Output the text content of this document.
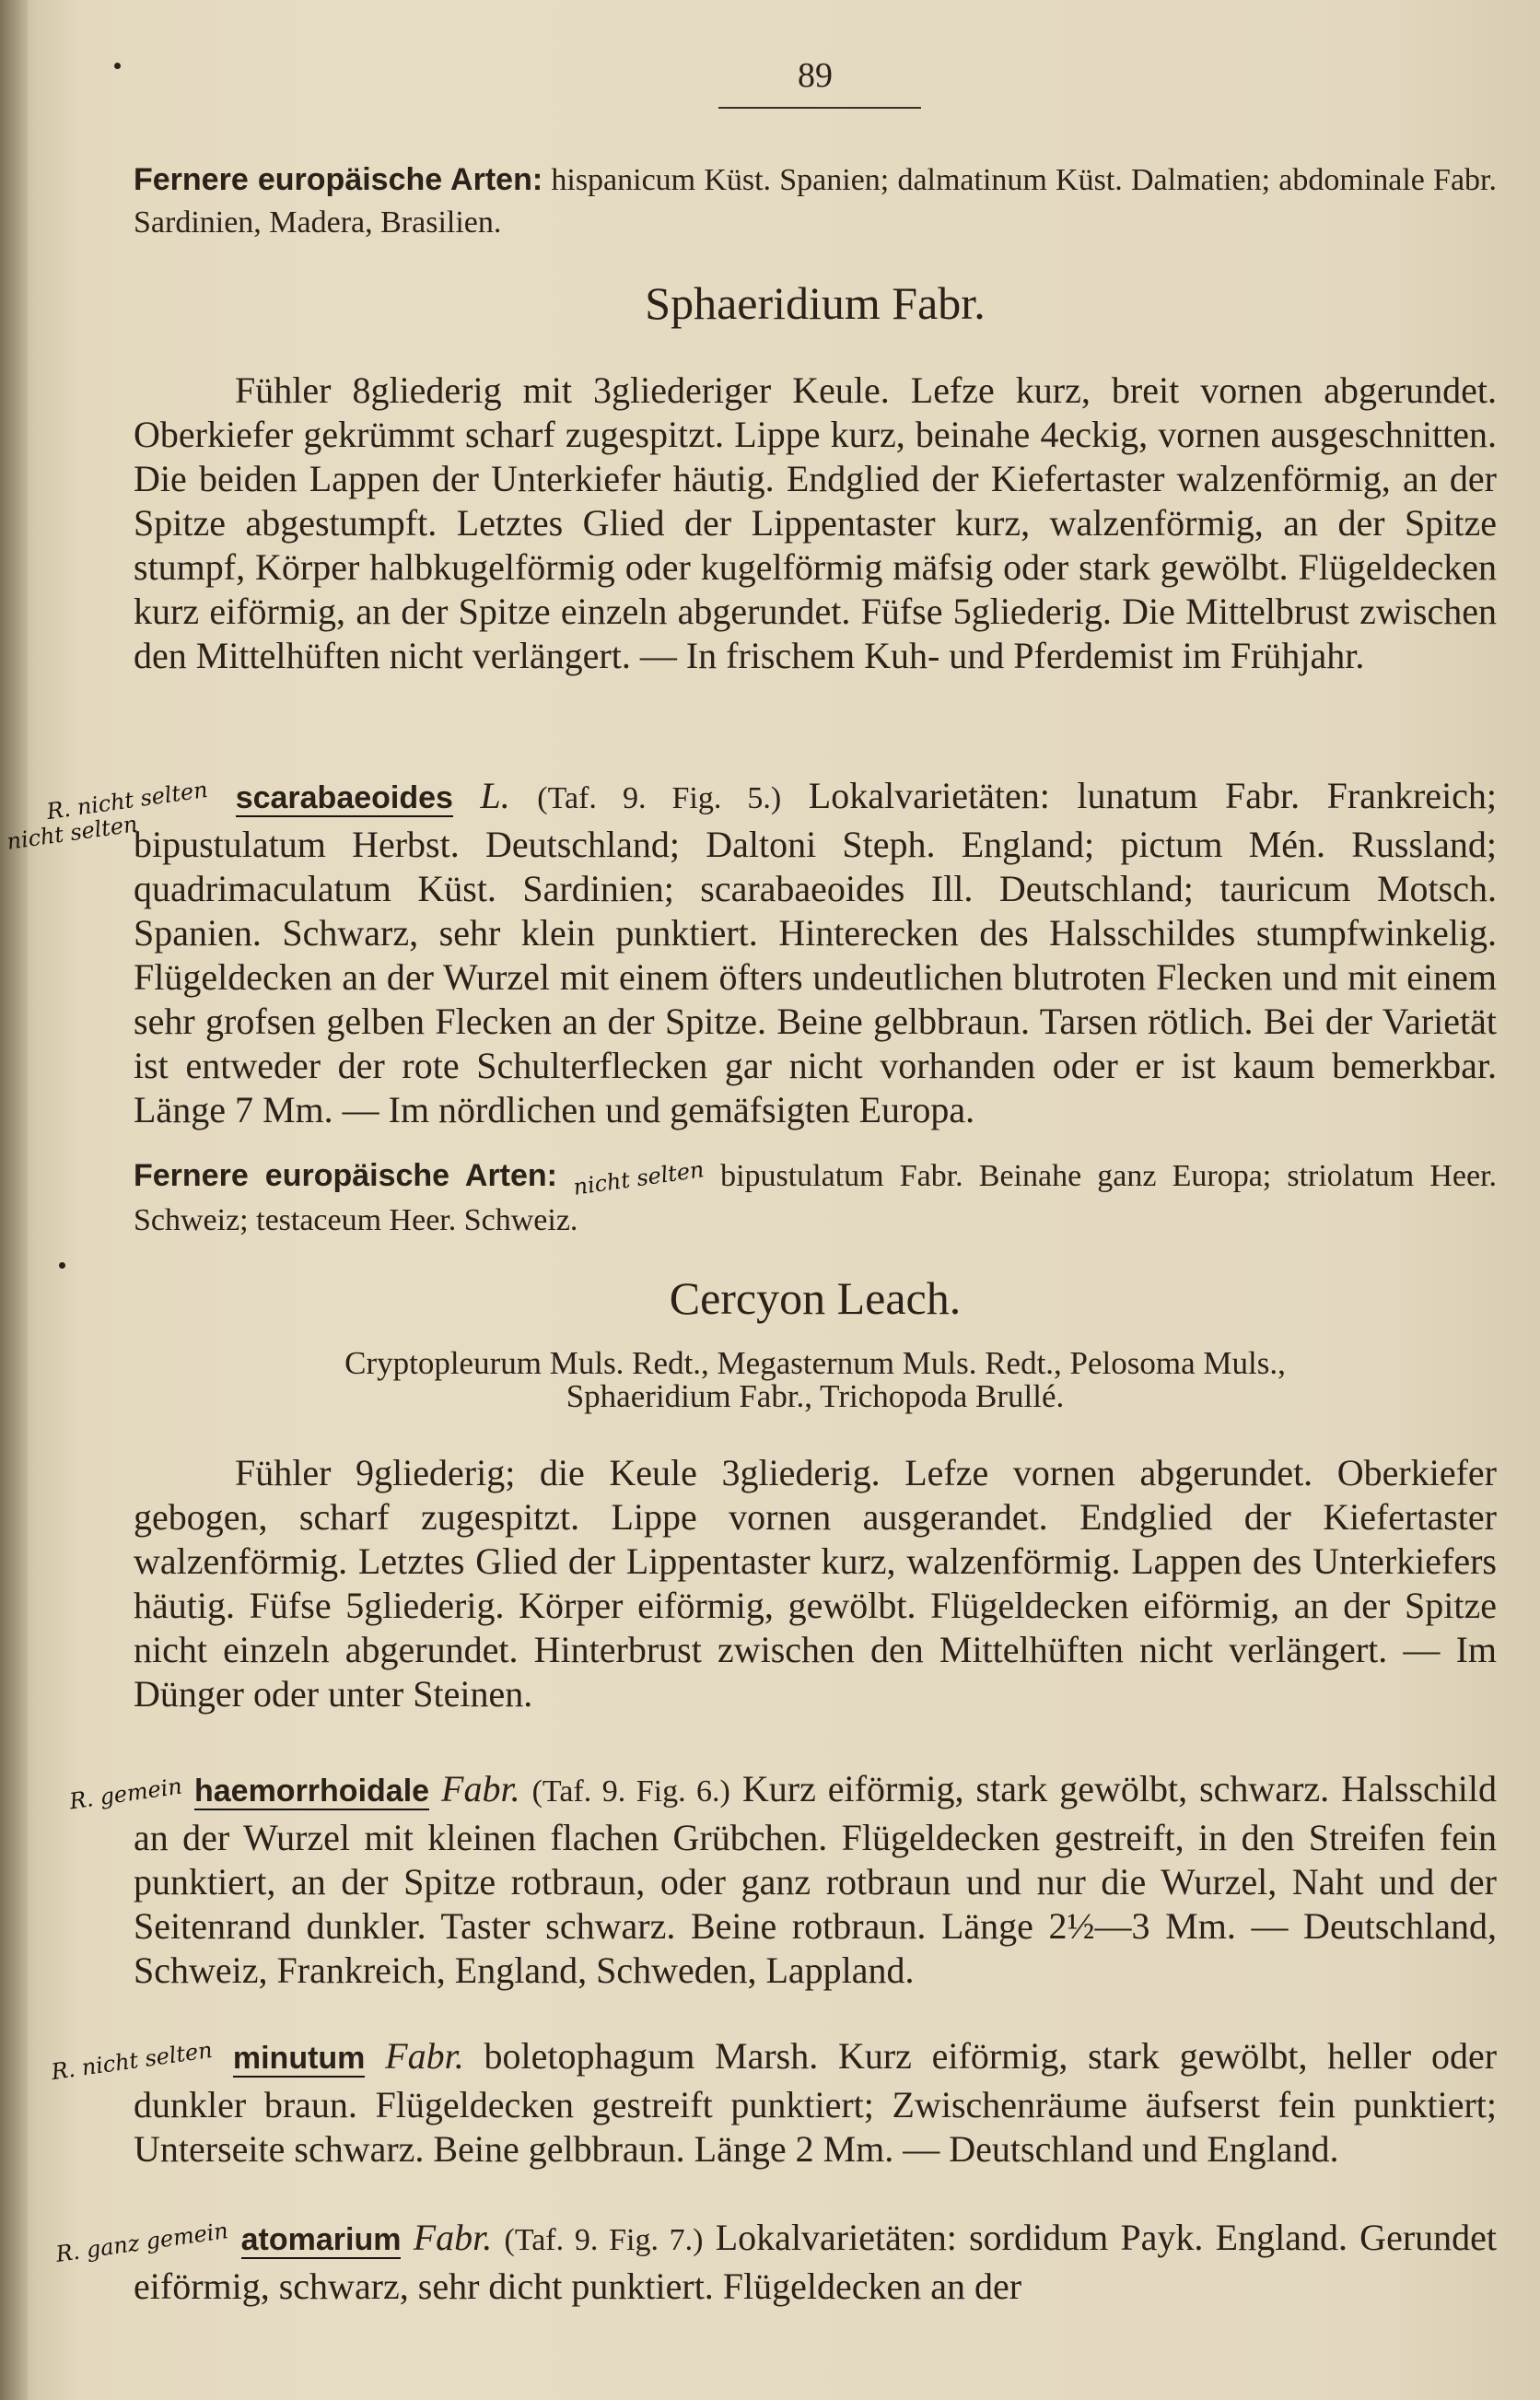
89
Fernere europäische Arten: hispanicum Küst. Spanien; dalmatinum Küst. Dalmatien; abdominale Fabr. Sardinien, Madera, Brasilien.
Sphaeridium Fabr.
Fühler 8gliederig mit 3gliederiger Keule. Lefze kurz, breit vornen abgerundet. Oberkiefer gekrümmt scharf zugespitzt. Lippe kurz, beinahe 4eckig, vornen ausgeschnitten. Die beiden Lappen der Unterkiefer häutig. Endglied der Kiefertaster walzenförmig, an der Spitze abgestumpft. Letztes Glied der Lippentaster kurz, walzenförmig, an der Spitze stumpf, Körper halbkugelförmig oder kugelförmig mäfsig oder stark gewölbt. Flügeldecken kurz eiförmig, an der Spitze einzeln abgerundet. Füfse 5gliederig. Die Mittelbrust zwischen den Mittelhüften nicht verlängert. — In frischem Kuh- und Pferdemist im Frühjahr.
R. nicht selten scarabaeoides L. (Taf. 9. Fig. 5.) Lokalvarietäten: lunatum Fabr. Frankreich; bipustulatum Herbst. Deutschland; Daltoni Steph. England; pictum Mén. Russland; quadrimaculatum Küst. Sardinien; scarabaeoides Ill. Deutschland; tauricum Motsch. Spanien. Schwarz, sehr klein punktiert. Hinterecken des Halsschildes stumpfwinkelig. Flügeldecken an der Wurzel mit einem öfters undeutlichen blutroten Flecken und mit einem sehr grofsen gelben Flecken an der Spitze. Beine gelbbraun. Tarsen rötlich. Bei der Varietät ist entweder der rote Schulterflecken gar nicht vorhanden oder er ist kaum bemerkbar. Länge 7 Mm. — Im nördlichen und gemäfsigten Europa.
nicht selten
Fernere europäische Arten: nicht selten bipustulatum Fabr. Beinahe ganz Europa; striolatum Heer. Schweiz; testaceum Heer. Schweiz.
Cercyon Leach.
Cryptopleurum Muls. Redt., Megasternum Muls. Redt., Pelosoma Muls.,
Sphaeridium Fabr., Trichopoda Brullé.
Fühler 9gliederig; die Keule 3gliederig. Lefze vornen abgerundet. Oberkiefer gebogen, scharf zugespitzt. Lippe vornen ausgerandet. Endglied der Kiefertaster walzenförmig. Letztes Glied der Lippentaster kurz, walzenförmig. Lappen des Unterkiefers häutig. Füfse 5gliederig. Körper eiförmig, gewölbt. Flügeldecken eiförmig, an der Spitze nicht einzeln abgerundet. Hinterbrust zwischen den Mittelhüften nicht verlängert. — Im Dünger oder unter Steinen.
R. gemein haemorrhoidale Fabr. (Taf. 9. Fig. 6.) Kurz eiförmig, stark gewölbt, schwarz. Halsschild an der Wurzel mit kleinen flachen Grübchen. Flügeldecken gestreift, in den Streifen fein punktiert, an der Spitze rotbraun, oder ganz rotbraun und nur die Wurzel, Naht und der Seitenrand dunkler. Taster schwarz. Beine rotbraun. Länge 2½—3 Mm. — Deutschland, Schweiz, Frankreich, England, Schweden, Lappland.
R. nicht selten minutum Fabr. boletophagum Marsh. Kurz eiförmig, stark gewölbt, heller oder dunkler braun. Flügeldecken gestreift punktiert; Zwischenräume äufserst fein punktiert; Unterseite schwarz. Beine gelbbraun. Länge 2 Mm. — Deutschland und England.
R. ganz gemein atomarium Fabr. (Taf. 9. Fig. 7.) Lokalvarietäten: sordidum Payk. England. Gerundet eiförmig, schwarz, sehr dicht punktiert. Flügeldecken an der
